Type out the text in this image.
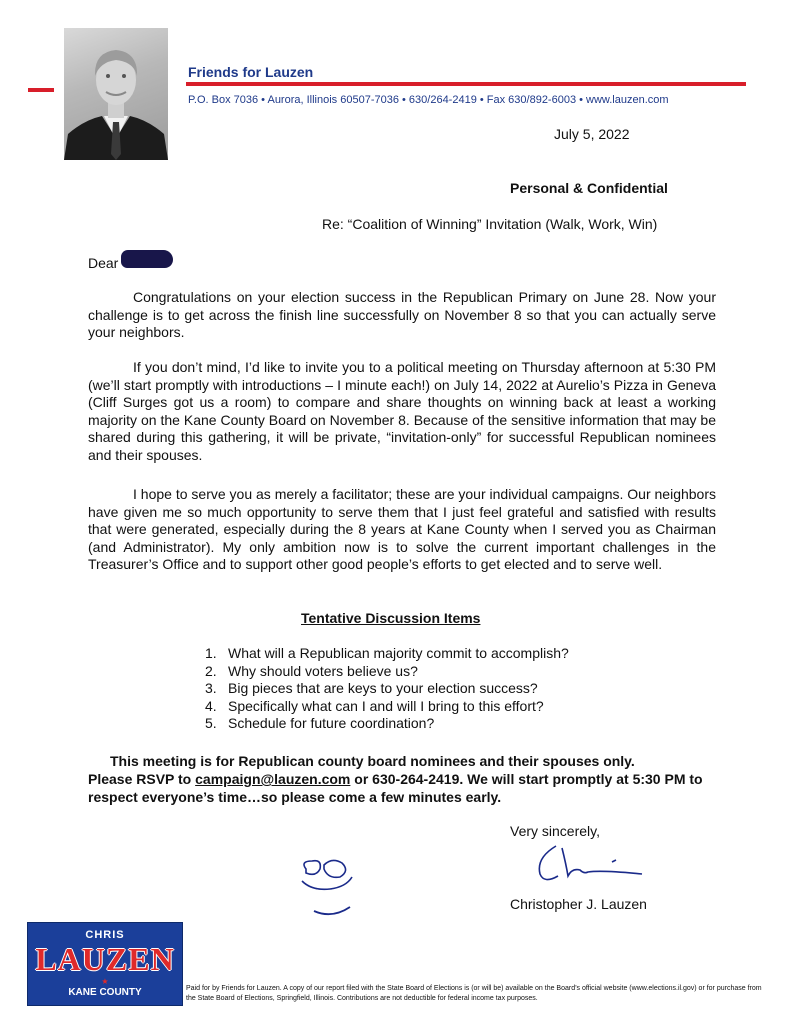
Friends for Lauzen
P.O. Box 7036 • Aurora, Illinois 60507-7036 • 630/264-2419 • Fax 630/892-6003 • www.lauzen.com
July 5, 2022
Personal & Confidential
Re: “Coalition of Winning” Invitation (Walk, Work, Win)
Dear

Congratulations on your election success in the Republican Primary on June 28. Now your challenge is to get across the finish line successfully on November 8 so that you can actually serve your neighbors.

If you don’t mind, I’d like to invite you to a political meeting on Thursday afternoon at 5:30 PM (we’ll start promptly with introductions – I minute each!) on July 14, 2022 at Aurelio’s Pizza in Geneva (Cliff Surges got us a room) to compare and share thoughts on winning back at least a working majority on the Kane County Board on November 8. Because of the sensitive information that may be shared during this gathering, it will be private, “invitation-only” for successful Republican nominees and their spouses.

I hope to serve you as merely a facilitator; these are your individual campaigns. Our neighbors have given me so much opportunity to serve them that I just feel grateful and satisfied with results that were generated, especially during the 8 years at Kane County when I served you as Chairman (and Administrator). My only ambition now is to solve the current important challenges in the Treasurer’s Office and to support other good people’s efforts to get elected and to serve well.

Tentative Discussion Items
1. What will a Republican majority commit to accomplish?
2. Why should voters believe us?
3. Big pieces that are keys to your election success?
4. Specifically what can I and will I bring to this effort?
5. Schedule for future coordination?

This meeting is for Republican county board nominees and their spouses only.
Please RSVP to campaign@lauzen.com or 630-264-2419. We will start promptly at 5:30 PM to respect everyone’s time…so please come a few minutes early.

Very sincerely,
Christopher J. Lauzen
CHRIS
LAUZEN
★
KANE COUNTY	Paid for by Friends for Lauzen. A copy of our report filed with the State Board of Elections is (or will be) available on the Board’s official website (www.elections.il.gov) or for purchase from the State Board of Elections, Springfield, Illinois. Contributions are not deductible for federal income tax purposes.
